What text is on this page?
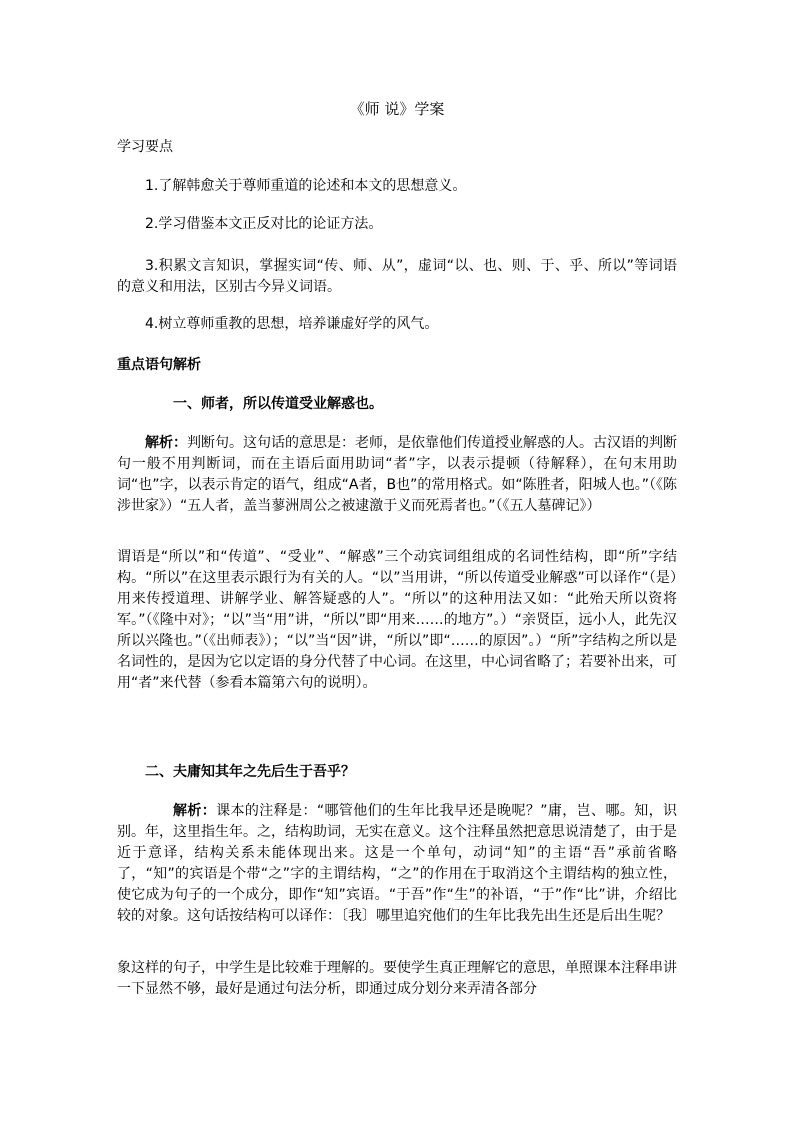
《师 说》学案

学习要点

1.了解韩愈关于尊师重道的论述和本文的思想意义。

2.学习借鉴本文正反对比的论证方法。

3.积累文言知识，掌握实词“传、师、从”，虚词“以、也、则、于、乎、所以”等词语的意义和用法，区别古今异义词语。

4.树立尊师重教的思想，培养谦虚好学的风气。

重点语句解析

一、师者，所以传道受业解惑也。

解析：判断句。这句话的意思是：老师，是依靠他们传道授业解惑的人。古汉语的判断句一般不用判断词，而在主语后面用助词“者”字，以表示提顿（待解释），在句末用助词“也”字，以表示肯定的语气，组成“A者，B也”的常用格式。如“陈胜者，阳城人也。”（《陈涉世家》）“五人者，盖当蓼洲周公之被逮激于义而死焉者也。”（《五人墓碑记》）

谓语是“所以”和“传道”、“受业”、“解惑”三个动宾词组组成的名词性结构，即“所”字结构。“所以”在这里表示跟行为有关的人。“以”当用讲，“所以传道受业解惑”可以译作“（是）用来传授道理、讲解学业、解答疑惑的人”。“所以”的这种用法又如：“此殆天所以资将军。”（《隆中对》；“以”当“用”讲，“所以”即“用来……的地方”。）“亲贤臣，远小人，此先汉所以兴隆也。”（《出师表》）；“以”当“因”讲，“所以”即“……的原因”。）“所”字结构之所以是名词性的，是因为它以定语的身分代替了中心词。在这里，中心词省略了；若要补出来，可用“者”来代替（参看本篇第六句的说明）。

二、夫庸知其年之先后生于吾乎？

解析：课本的注释是：“哪管他们的生年比我早还是晚呢？”庸，岂、哪。知，识别。年，这里指生年。之，结构助词，无实在意义。这个注释虽然把意思说清楚了，由于是近于意译，结构关系未能体现出来。这是一个单句，动词“知”的主语“吾”承前省略了，“知”的宾语是个带“之”字的主谓结构，“之”的作用在于取消这个主谓结构的独立性，使它成为句子的一个成分，即作“知”宾语。“于吾”作“生”的补语，“于”作“比”讲，介绍比较的对象。这句话按结构可以译作：〔我〕哪里追究他们的生年比我先出生还是后出生呢？

象这样的句子，中学生是比较难于理解的。要使学生真正理解它的意思，单照课本注释串讲一下显然不够，最好是通过句法分析，即通过成分划分来弄清各部分
